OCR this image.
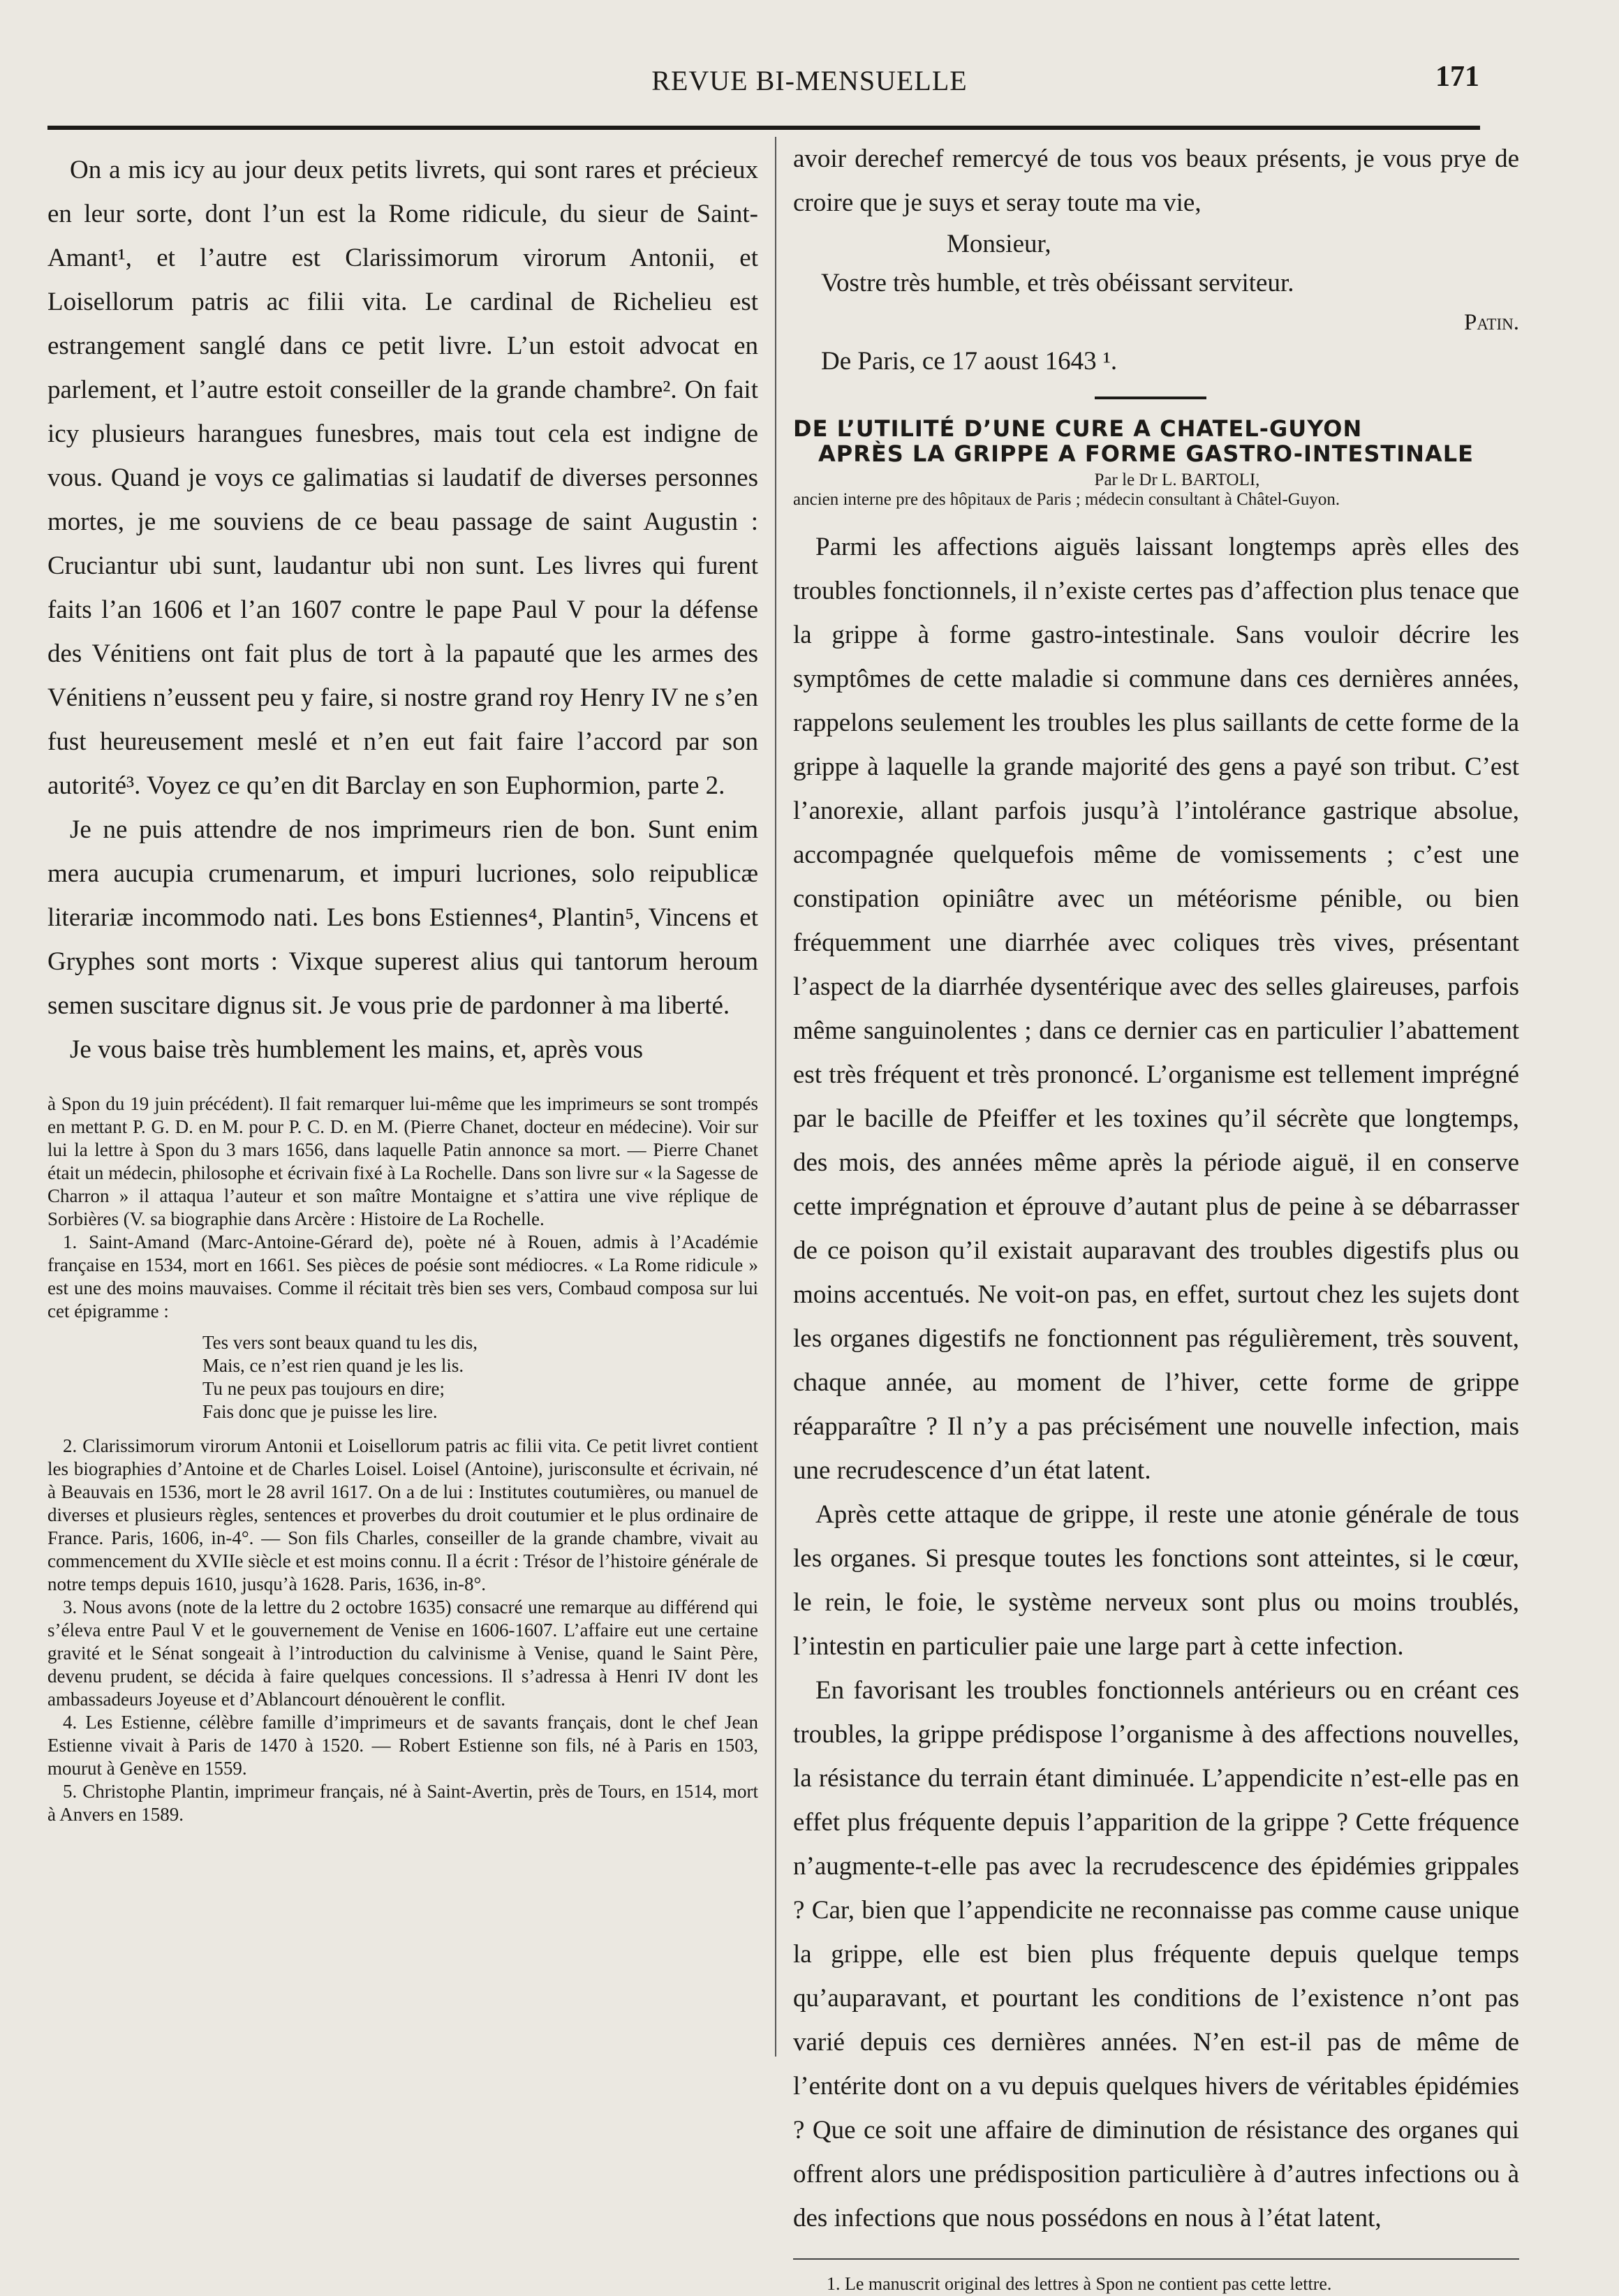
REVUE BI-MENSUELLE	171

On a mis icy au jour deux petits livrets, qui sont rares et précieux en leur sorte, dont l’un est la Rome ridicule, du sieur de Saint-Amant¹, et l’autre est Clarissimorum virorum Antonii, et Loisellorum patris ac filii vita. Le cardinal de Richelieu est estrangement sanglé dans ce petit livre. L’un estoit advocat en parlement, et l’autre estoit conseiller de la grande chambre². On fait icy plusieurs harangues funesbres, mais tout cela est indigne de vous. Quand je voys ce galimatias si laudatif de diverses personnes mortes, je me souviens de ce beau passage de saint Augustin : Cruciantur ubi sunt, laudantur ubi non sunt. Les livres qui furent faits l’an 1606 et l’an 1607 contre le pape Paul V pour la défense des Vénitiens ont fait plus de tort à la papauté que les armes des Vénitiens n’eussent peu y faire, si nostre grand roy Henry IV ne s’en fust heureusement meslé et n’en eut fait faire l’accord par son autorité³. Voyez ce qu’en dit Barclay en son Euphormion, parte 2.

Je ne puis attendre de nos imprimeurs rien de bon. Sunt enim mera aucupia crumenarum, et impuri lucriones, solo reipublicæ literariæ incommodo nati. Les bons Estiennes⁴, Plantin⁵, Vincens et Gryphes sont morts : Vixque superest alius qui tantorum heroum semen suscitare dignus sit. Je vous prie de pardonner à ma liberté.

Je vous baise très humblement les mains, et, après vous

à Spon du 19 juin précédent). Il fait remarquer lui-même que les imprimeurs se sont trompés en mettant P. G. D. en M. pour P. C. D. en M. (Pierre Chanet, docteur en médecine). Voir sur lui la lettre à Spon du 3 mars 1656, dans laquelle Patin annonce sa mort. — Pierre Chanet était un médecin, philosophe et écrivain fixé à La Rochelle. Dans son livre sur « la Sagesse de Charron » il attaqua l’auteur et son maître Montaigne et s’attira une vive réplique de Sorbières (V. sa biographie dans Arcère : Histoire de La Rochelle.

1. Saint-Amand (Marc-Antoine-Gérard de), poète né à Rouen, admis à l’Académie française en 1534, mort en 1661. Ses pièces de poésie sont médiocres. « La Rome ridicule » est une des moins mauvaises. Comme il récitait très bien ses vers, Combaud composa sur lui cet épigramme :

Tes vers sont beaux quand tu les dis,
Mais, ce n’est rien quand je les lis.
Tu ne peux pas toujours en dire;
Fais donc que je puisse les lire.

2. Clarissimorum virorum Antonii et Loisellorum patris ac filii vita. Ce petit livret contient les biographies d’Antoine et de Charles Loisel. Loisel (Antoine), jurisconsulte et écrivain, né à Beauvais en 1536, mort le 28 avril 1617. On a de lui : Institutes coutumières, ou manuel de diverses et plusieurs règles, sentences et proverbes du droit coutumier et le plus ordinaire de France. Paris, 1606, in-4°. — Son fils Charles, conseiller de la grande chambre, vivait au commencement du XVIIe siècle et est moins connu. Il a écrit : Trésor de l’histoire générale de notre temps depuis 1610, jusqu’à 1628. Paris, 1636, in-8°.

3. Nous avons (note de la lettre du 2 octobre 1635) consacré une remarque au différend qui s’éleva entre Paul V et le gouvernement de Venise en 1606-1607. L’affaire eut une certaine gravité et le Sénat songeait à l’introduction du calvinisme à Venise, quand le Saint Père, devenu prudent, se décida à faire quelques concessions. Il s’adressa à Henri IV dont les ambassadeurs Joyeuse et d’Ablancourt dénouèrent le conflit.

4. Les Estienne, célèbre famille d’imprimeurs et de savants français, dont le chef Jean Estienne vivait à Paris de 1470 à 1520. — Robert Estienne son fils, né à Paris en 1503, mourut à Genève en 1559.

5. Christophe Plantin, imprimeur français, né à Saint-Avertin, près de Tours, en 1514, mort à Anvers en 1589.

avoir derechef remercyé de tous vos beaux présents, je vous prye de croire que je suys et seray toute ma vie,

Monsieur,

Vostre très humble, et très obéissant serviteur.

Patin.

De Paris, ce 17 aoust 1643 ¹.

DE L’UTILITÉ D’UNE CURE A CHATEL-GUYON
APRÈS LA GRIPPE A FORME GASTRO-INTESTINALE

Par le Dr L. BARTOLI,

ancien interne pre des hôpitaux de Paris ; médecin consultant à Châtel-Guyon.

Parmi les affections aiguës laissant longtemps après elles des troubles fonctionnels, il n’existe certes pas d’affection plus tenace que la grippe à forme gastro-intestinale. Sans vouloir décrire les symptômes de cette maladie si commune dans ces dernières années, rappelons seulement les troubles les plus saillants de cette forme de la grippe à laquelle la grande majorité des gens a payé son tribut. C’est l’anorexie, allant parfois jusqu’à l’intolérance gastrique absolue, accompagnée quelquefois même de vomissements ; c’est une constipation opiniâtre avec un météorisme pénible, ou bien fréquemment une diarrhée avec coliques très vives, présentant l’aspect de la diarrhée dysentérique avec des selles glaireuses, parfois même sanguinolentes ; dans ce dernier cas en particulier l’abattement est très fréquent et très prononcé. L’organisme est tellement imprégné par le bacille de Pfeiffer et les toxines qu’il sécrète que longtemps, des mois, des années même après la période aiguë, il en conserve cette imprégnation et éprouve d’autant plus de peine à se débarrasser de ce poison qu’il existait auparavant des troubles digestifs plus ou moins accentués. Ne voit-on pas, en effet, surtout chez les sujets dont les organes digestifs ne fonctionnent pas régulièrement, très souvent, chaque année, au moment de l’hiver, cette forme de grippe réapparaître ? Il n’y a pas précisément une nouvelle infection, mais une recrudescence d’un état latent.

Après cette attaque de grippe, il reste une atonie générale de tous les organes. Si presque toutes les fonctions sont atteintes, si le cœur, le rein, le foie, le système nerveux sont plus ou moins troublés, l’intestin en particulier paie une large part à cette infection.

En favorisant les troubles fonctionnels antérieurs ou en créant ces troubles, la grippe prédispose l’organisme à des affections nouvelles, la résistance du terrain étant diminuée. L’appendicite n’est-elle pas en effet plus fréquente depuis l’apparition de la grippe ? Cette fréquence n’augmente-t-elle pas avec la recrudescence des épidémies grippales ? Car, bien que l’appendicite ne reconnaisse pas comme cause unique la grippe, elle est bien plus fréquente depuis quelque temps qu’auparavant, et pourtant les conditions de l’existence n’ont pas varié depuis ces dernières années. N’en est-il pas de même de l’entérite dont on a vu depuis quelques hivers de véritables épidémies ? Que ce soit une affaire de diminution de résistance des organes qui offrent alors une prédisposition particulière à d’autres infections ou à des infections que nous possédons en nous à l’état latent,

1. Le manuscrit original des lettres à Spon ne contient pas cette lettre.
